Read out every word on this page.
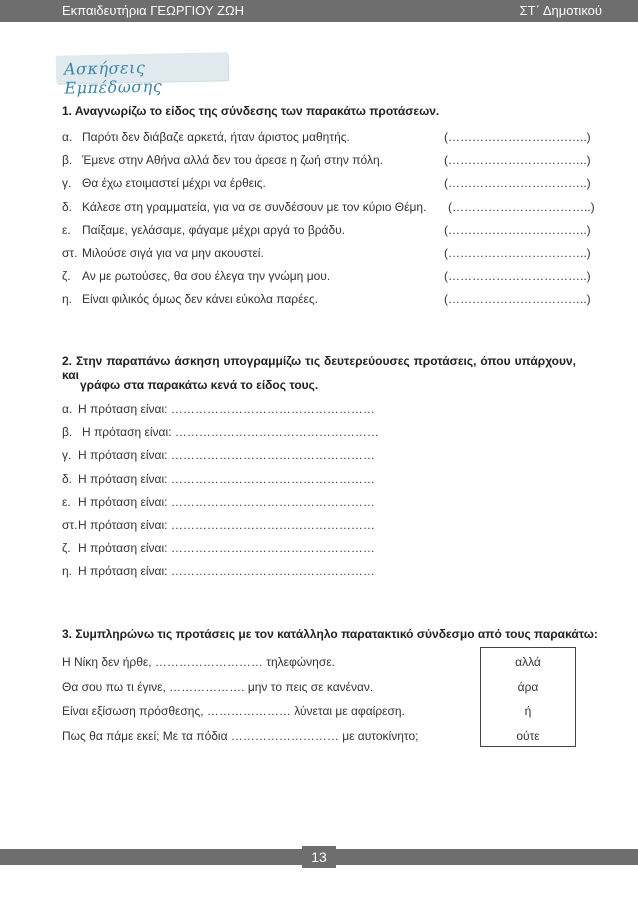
Εκπαιδευτήρια ΓΕΩΡΓΙΟΥ ΖΩΗ	ΣΤ΄ Δημοτικού
Ασκήσεις Εμπέδωσης
1. Αναγνωρίζω το είδος της σύνδεσης των παρακάτω προτάσεων.
α. Παρότι δεν διάβαζε αρκετά, ήταν άριστος μαθητής.	(……………………………..)
β. Έμενε στην Αθήνα αλλά δεν του άρεσε η ζωή στην πόλη.	(……………………………..)
γ. Θα έχω ετοιμαστεί μέχρι να έρθεις.	(……………………………..)
δ. Κάλεσε στη γραμματεία, για να σε συνδέσουν με τον κύριο Θέμη. (……………………………..)
ε. Παίξαμε, γελάσαμε, φάγαμε μέχρι αργά το βράδυ.	(……………………………..)
στ. Μιλούσε σιγά για να μην ακουστεί.	(……………………………..)
ζ. Αν με ρωτούσες, θα σου έλεγα την γνώμη μου.	(……………………………..)
η. Είναι φιλικός όμως δεν κάνει εύκολα παρέες.	(……………………………..)
2. Στην παραπάνω άσκηση υπογραμμίζω τις δευτερεύουσες προτάσεις, όπου υπάρχουν, και
γράφω στα παρακάτω κενά το είδος τους.
α. Η πρόταση είναι: ……………………………………………
β. Η πρόταση είναι: ……………………………………………
γ. Η πρόταση είναι: ……………………………………………
δ. Η πρόταση είναι: ……………………………………………
ε. Η πρόταση είναι: ……………………………………………
στ. Η πρόταση είναι: ……………………………………………
ζ. Η πρόταση είναι: ……………………………………………
η. Η πρόταση είναι: ……………………………………………
3. Συμπληρώνω τις προτάσεις με τον κατάλληλο παρατακτικό σύνδεσμο από τους παρακάτω:
Η Νίκη δεν ήρθε, ……………………… τηλεφώνησε.
Θα σου πω τι έγινε, ………………. μην το πεις σε κανέναν.
Είναι εξίσωση πρόσθεσης, ………………… λύνεται με αφαίρεση.
Πως θα πάμε εκεί; Με τα πόδια ……………………… με αυτοκίνητο;
αλλά
άρα
ή
ούτε
13
